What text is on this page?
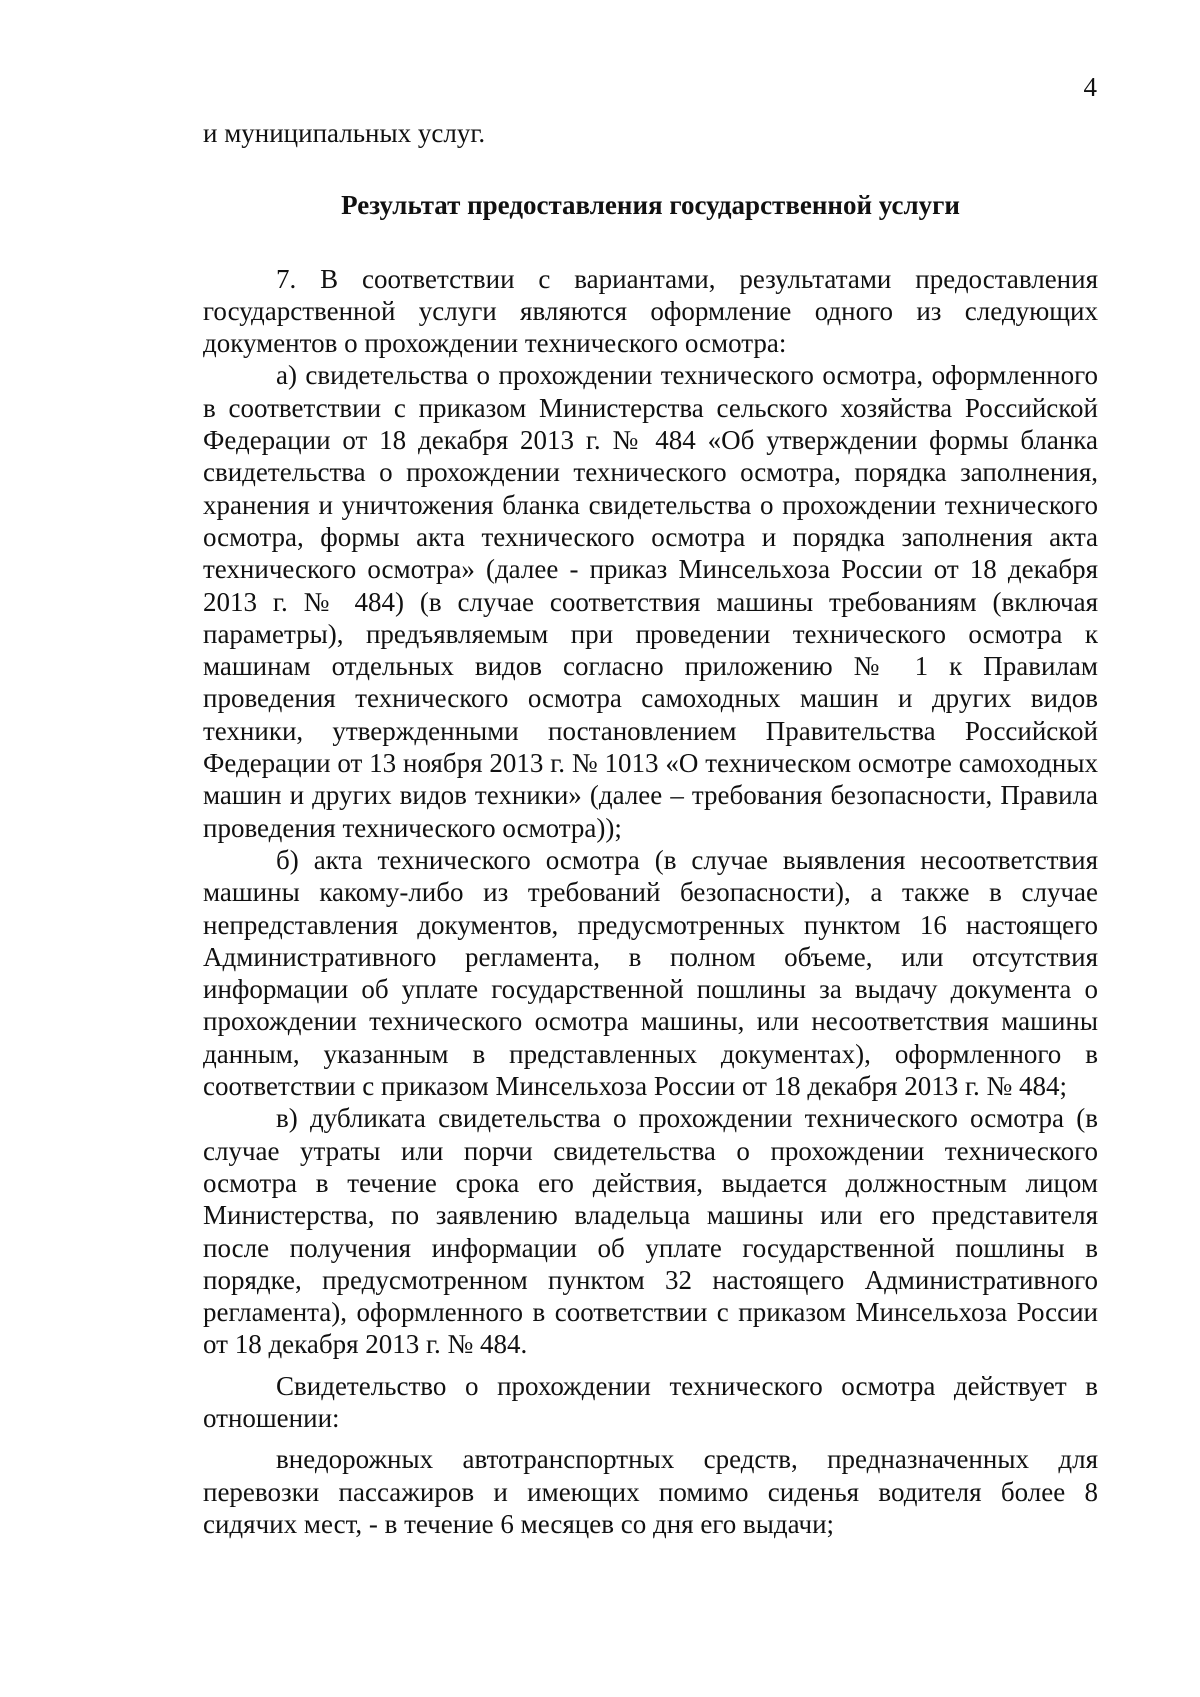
4

и муниципальных услуг.

Результат предоставления государственной услуги

7. В соответствии с вариантами, результатами предоставления государственной услуги являются оформление одного из следующих документов о прохождении технического осмотра:

а) свидетельства о прохождении технического осмотра, оформленного в соответствии с приказом Министерства сельского хозяйства Российской Федерации от 18 декабря 2013 г. № 484 «Об утверждении формы бланка свидетельства о прохождении технического осмотра, порядка заполнения, хранения и уничтожения бланка свидетельства о прохождении технического осмотра, формы акта технического осмотра и порядка заполнения акта технического осмотра» (далее - приказ Минсельхоза России от 18 декабря 2013 г. № 484) (в случае соответствия машины требованиям (включая параметры), предъявляемым при проведении технического осмотра к машинам отдельных видов согласно приложению № 1 к Правилам проведения технического осмотра самоходных машин и других видов техники, утвержденными постановлением Правительства Российской Федерации от 13 ноября 2013 г. № 1013 «О техническом осмотре самоходных машин и других видов техники» (далее – требования безопасности, Правила проведения технического осмотра));

б) акта технического осмотра (в случае выявления несоответствия машины какому-либо из требований безопасности), а также в случае непредставления документов, предусмотренных пунктом 16 настоящего Административного регламента, в полном объеме, или отсутствия информации об уплате государственной пошлины за выдачу документа о прохождении технического осмотра машины, или несоответствия машины данным, указанным в представленных документах), оформленного в соответствии с приказом Минсельхоза России от 18 декабря 2013 г. № 484;

в) дубликата свидетельства о прохождении технического осмотра (в случае утраты или порчи свидетельства о прохождении технического осмотра в течение срока его действия, выдается должностным лицом Министерства, по заявлению владельца машины или его представителя после получения информации об уплате государственной пошлины в порядке, предусмотренном пунктом 32 настоящего Административного регламента), оформленного в соответствии с приказом Минсельхоза России от 18 декабря 2013 г. № 484.

Свидетельство о прохождении технического осмотра действует в отношении:

внедорожных автотранспортных средств, предназначенных для перевозки пассажиров и имеющих помимо сиденья водителя более 8 сидячих мест, - в течение 6 месяцев со дня его выдачи;
